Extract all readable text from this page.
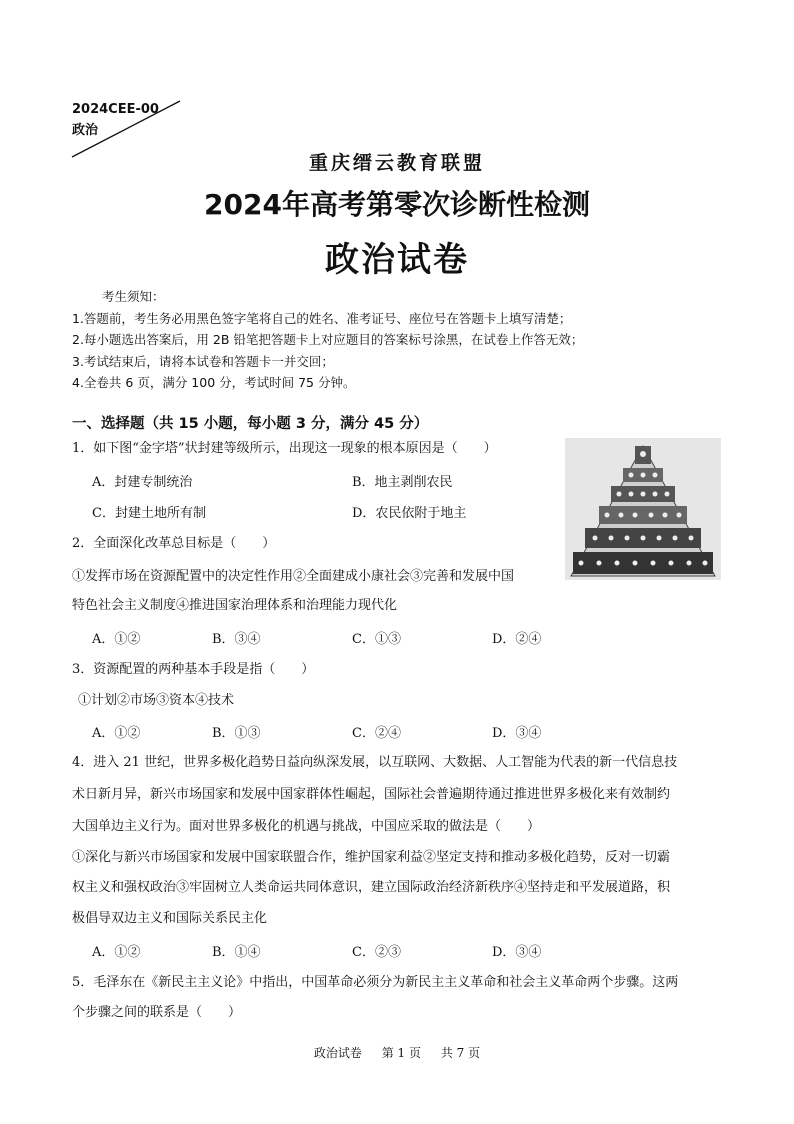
2024CEE-00
政治
重庆缙云教育联盟
2024年高考第零次诊断性检测
政治试卷
考生须知：
1.答题前，考生务必用黑色签字笔将自己的姓名、准考证号、座位号在答题卡上填写清楚；
2.每小题选出答案后，用 2B 铅笔把答题卡上对应题目的答案标号涂黑，在试卷上作答无效；
3.考试结束后，请将本试卷和答题卡一并交回；
4.全卷共 6 页，满分 100 分，考试时间 75 分钟。
一、选择题（共 15 小题，每小题 3 分，满分 45 分）
1．如下图“金字塔”状封建等级所示，出现这一现象的根本原因是（　　）
A．封建专制统治	B．地主剥削农民
C．封建土地所有制	D．农民依附于地主
2．全面深化改革总目标是（　　）
①发挥市场在资源配置中的决定性作用②全面建成小康社会③完善和发展中国
特色社会主义制度④推进国家治理体系和治理能力现代化
A．①②	B．③④	C．①③	D．②④
3．资源配置的两种基本手段是指（　　）
①计划②市场③资本④技术
A．①②	B．①③	C．②④	D．③④
4．进入 21 世纪，世界多极化趋势日益向纵深发展，以互联网、大数据、人工智能为代表的新一代信息技
术日新月异，新兴市场国家和发展中国家群体性崛起，国际社会普遍期待通过推进世界多极化来有效制约
大国单边主义行为。面对世界多极化的机遇与挑战，中国应采取的做法是（　　）
①深化与新兴市场国家和发展中国家联盟合作，维护国家利益②坚定支持和推动多极化趋势，反对一切霸
权主义和强权政治③牢固树立人类命运共同体意识，建立国际政治经济新秩序④坚持走和平发展道路，积
极倡导双边主义和国际关系民主化
A．①②	B．①④	C．②③	D．③④
5．毛泽东在《新民主主义论》中指出，中国革命必须分为新民主主义革命和社会主义革命两个步骤。这两
个步骤之间的联系是（　　）
政治试卷 第 1 页 共 7 页
